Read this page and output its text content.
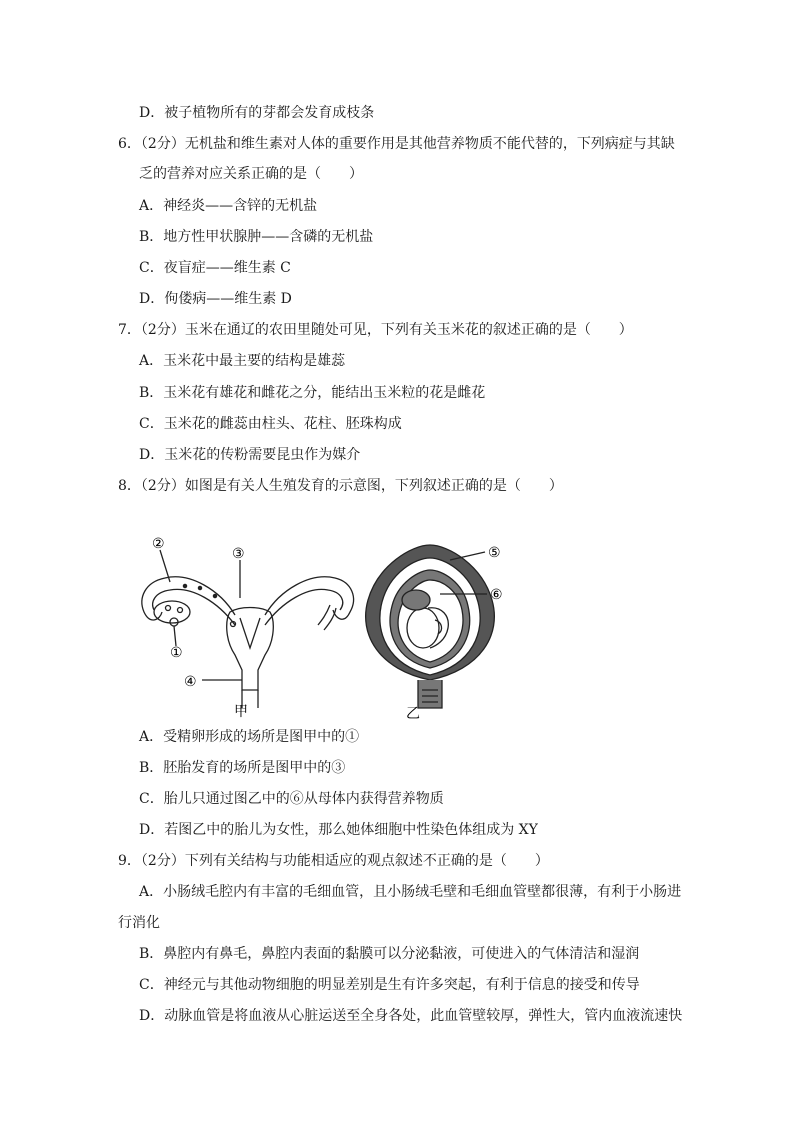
D．被子植物所有的芽都会发育成枝条
6．（2分）无机盐和维生素对人体的重要作用是其他营养物质不能代替的，下列病症与其缺
乏的营养对应关系正确的是（　　）
A．神经炎——含锌的无机盐
B．地方性甲状腺肿——含磷的无机盐
C．夜盲症——维生素 C
D．佝偻病——维生素 D
7．（2分）玉米在通辽的农田里随处可见，下列有关玉米花的叙述正确的是（　　）
A．玉米花中最主要的结构是雄蕊
B．玉米花有雄花和雌花之分，能结出玉米粒的花是雌花
C．玉米花的雌蕊由柱头、花柱、胚珠构成
D．玉米花的传粉需要昆虫作为媒介
8．（2分）如图是有关人生殖发育的示意图，下列叙述正确的是（　　）
②
③
①
④
甲
⑤
⑥
乙
A．受精卵形成的场所是图甲中的①
B．胚胎发育的场所是图甲中的③
C．胎儿只通过图乙中的⑥从母体内获得营养物质
D．若图乙中的胎儿为女性，那么她体细胞中性染色体组成为 XY
9．（2分）下列有关结构与功能相适应的观点叙述不正确的是（　　）
A．小肠绒毛腔内有丰富的毛细血管，且小肠绒毛壁和毛细血管壁都很薄，有利于小肠进
行消化
B．鼻腔内有鼻毛，鼻腔内表面的黏膜可以分泌黏液，可使进入的气体清洁和湿润
C．神经元与其他动物细胞的明显差别是生有许多突起，有利于信息的接受和传导
D．动脉血管是将血液从心脏运送至全身各处，此血管壁较厚，弹性大，管内血液流速快
